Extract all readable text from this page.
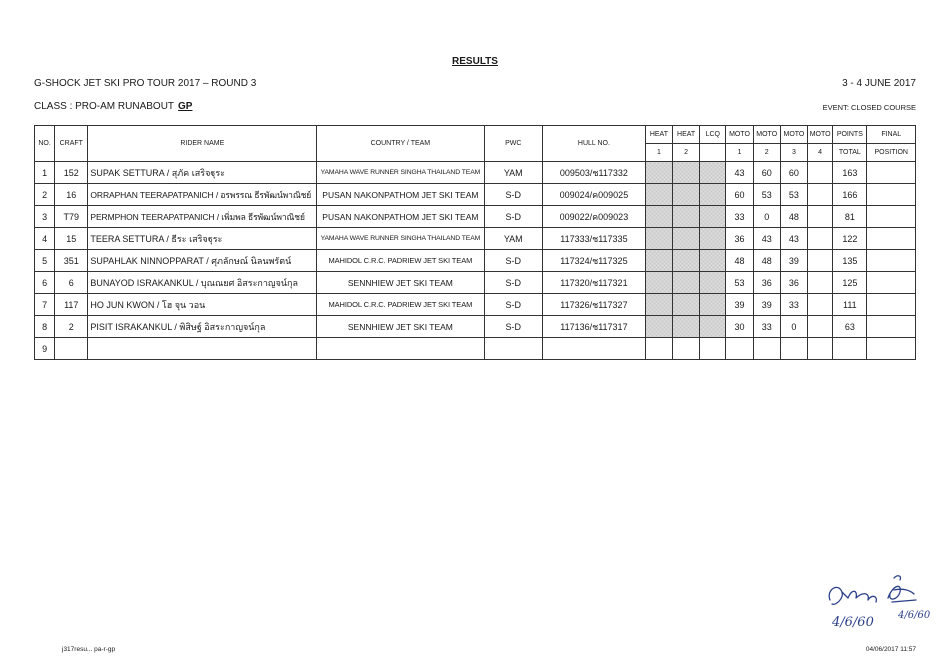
RESULTS
G-SHOCK JET SKI PRO TOUR 2017 – ROUND 3	3 - 4 JUNE 2017
CLASS : PRO-AM RUNABOUT GP	EVENT: CLOSED COURSE
NO.	CRAFT	RIDER NAME	COUNTRY / TEAM	PWC	HULL NO.	HEAT	HEAT	LCQ	MOTO	MOTO	MOTO	MOTO	POINTS	FINAL
						1	2		1	2	3	4	TOTAL	POSITION
1	152	SUPAK SETTURA / สุภัค เสริจฐุระ	YAMAHA WAVE RUNNER SINGHA THAILAND TEAM	YAM	009503/ช117332				43	60	60		163	
2	16	ORRAPHAN TEERAPATPANICH / อรพรรณ ธีรพัฒน์พาณิชย์	PUSAN NAKONPATHOM JET SKI TEAM	S-D	009024/ค009025				60	53	53		166	
3	T79	PERMPHON TEERAPATPANICH / เพิ่มพล ธีรพัฒน์พาณิชย์	PUSAN NAKONPATHOM JET SKI TEAM	S-D	009022/ค009023				33	0	48		81	
4	15	TEERA SETTURA / ธีระ เสริจฐุระ	YAMAHA WAVE RUNNER SINGHA THAILAND TEAM	YAM	117333/ช117335				36	43	43		122	
5	351	SUPAHLAK NINNOPPARAT / ศุภลักษณ์ นิลนพรัตน์	MAHIDOL C.R.C. PADRIEW JET SKI TEAM	S-D	117324/ช117325				48	48	39		135	
6	6	BUNAYOD ISRAKANKUL / บุณณยศ อิสระกาญจน์กุล	SENNHIEW JET SKI TEAM	S-D	117320/ช117321				53	36	36		125	
7	117	HO JUN KWON / โฮ จุน วอน	MAHIDOL C.R.C. PADRIEW JET SKI TEAM	S-D	117326/ช117327				39	39	33		111	
8	2	PISIT ISRAKANKUL / พิสิษฐ์ อิสระกาญจน์กุล	SENNHIEW JET SKI TEAM	S-D	117136/ช117317				30	33	0		63	
9														
4/6/60 4/6/60
j317resu... pa-r-gp	04/06/2017 11:57
